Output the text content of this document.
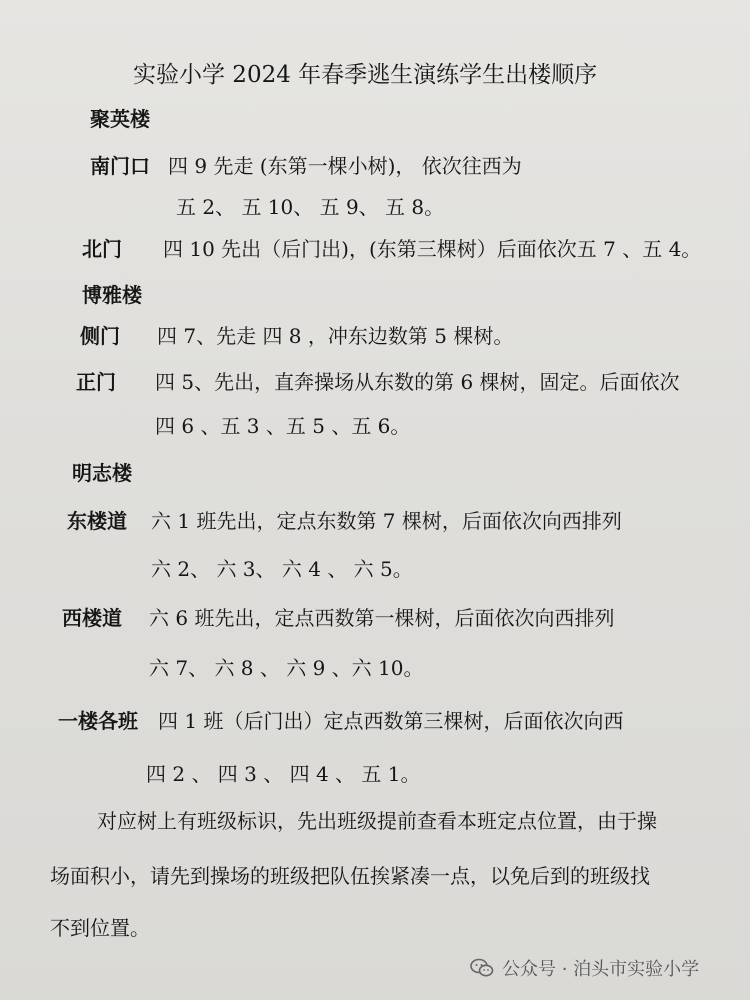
实验小学 2024 年春季逃生演练学生出楼顺序
聚英楼
南门口 四 9 先走 (东第一棵小树)， 依次往西为
五 2、 五 10、 五 9、 五 8。
北门 四 10 先出（后门出)，(东第三棵树）后面依次五 7 、五 4。
博雅楼
侧门 四 7、先走 四 8 ，冲东边数第 5 棵树。
正门 四 5、先出，直奔操场从东数的第 6 棵树，固定。后面依次
四 6 、五 3 、五 5 、五 6。
明志楼
东楼道 六 1 班先出，定点东数第 7 棵树，后面依次向西排列
六 2、 六 3、 六 4 、 六 5。
西楼道 六 6 班先出，定点西数第一棵树，后面依次向西排列
六 7、 六 8 、 六 9 、六 10。
一楼各班 四 1 班（后门出）定点西数第三棵树，后面依次向西
四 2 、 四 3 、 四 4 、 五 1。
对应树上有班级标识，先出班级提前查看本班定点位置，由于操
场面积小，请先到操场的班级把队伍挨紧凑一点，以免后到的班级找
不到位置。
公众号 · 泊头市实验小学
